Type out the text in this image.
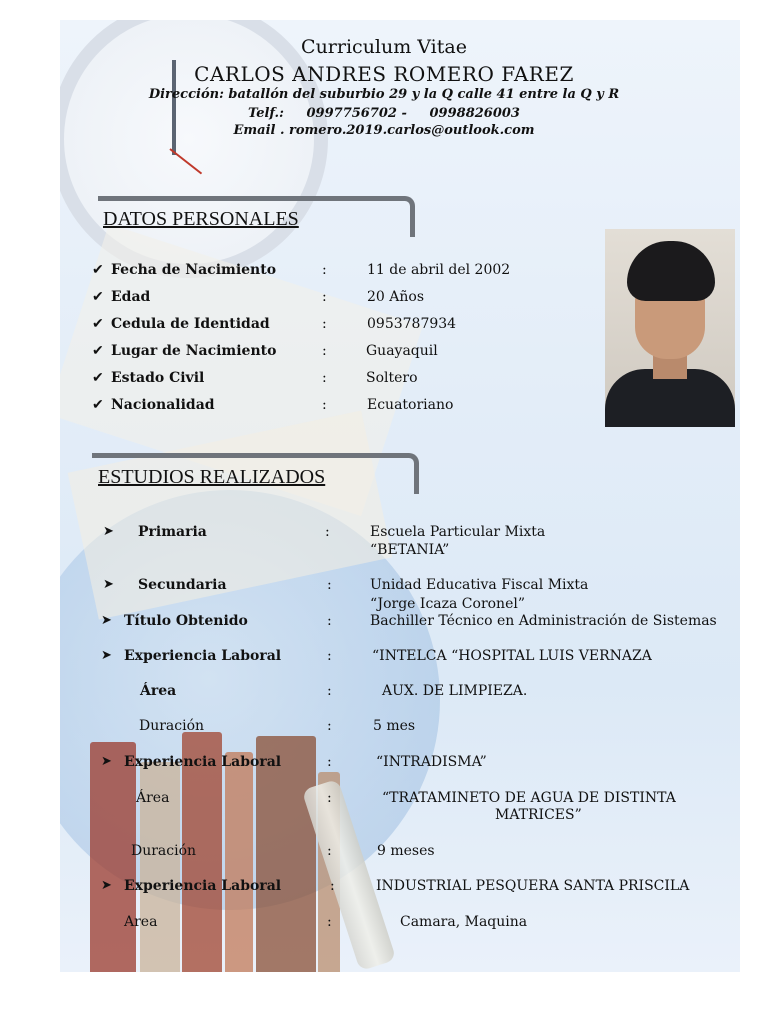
Curriculum Vitae
CARLOS ANDRES ROMERO FAREZ
Dirección: batallón del suburbio 29 y la Q calle 41 entre la Q y R
Telf.:     0997756702 -     0998826003
Email . romero.2019.carlos@outlook.com
DATOS PERSONALES
✔ Fecha de Nacimiento	:	11 de abril del 2002
✔ Edad	:	20 Años
✔ Cedula de Identidad	:	0953787934
✔ Lugar de Nacimiento	:	Guayaquil
✔ Estado Civil	:	Soltero
✔ Nacionalidad	:	Ecuatoriano
ESTUDIOS REALIZADOS
➤ Primaria	:	Escuela Particular Mixta
“BETANIA”
➤ Secundaria	:	Unidad Educativa Fiscal Mixta
“Jorge Icaza Coronel”
➤ Título Obtenido	:	Bachiller Técnico en Administración de Sistemas
➤ Experiencia Laboral	:	“INTELCA “HOSPITAL LUIS VERNAZA
Área	:	AUX. DE LIMPIEZA.
Duración	:	5 mes
➤ Experiencia Laboral	:	“INTRADISMA”
Área	:	“TRATAMINETO DE AGUA DE DISTINTA
MATRICES”
Duración	:	9 meses
➤ Experiencia Laboral	:	INDUSTRIAL PESQUERA SANTA PRISCILA
Area	:	Camara, Maquina
